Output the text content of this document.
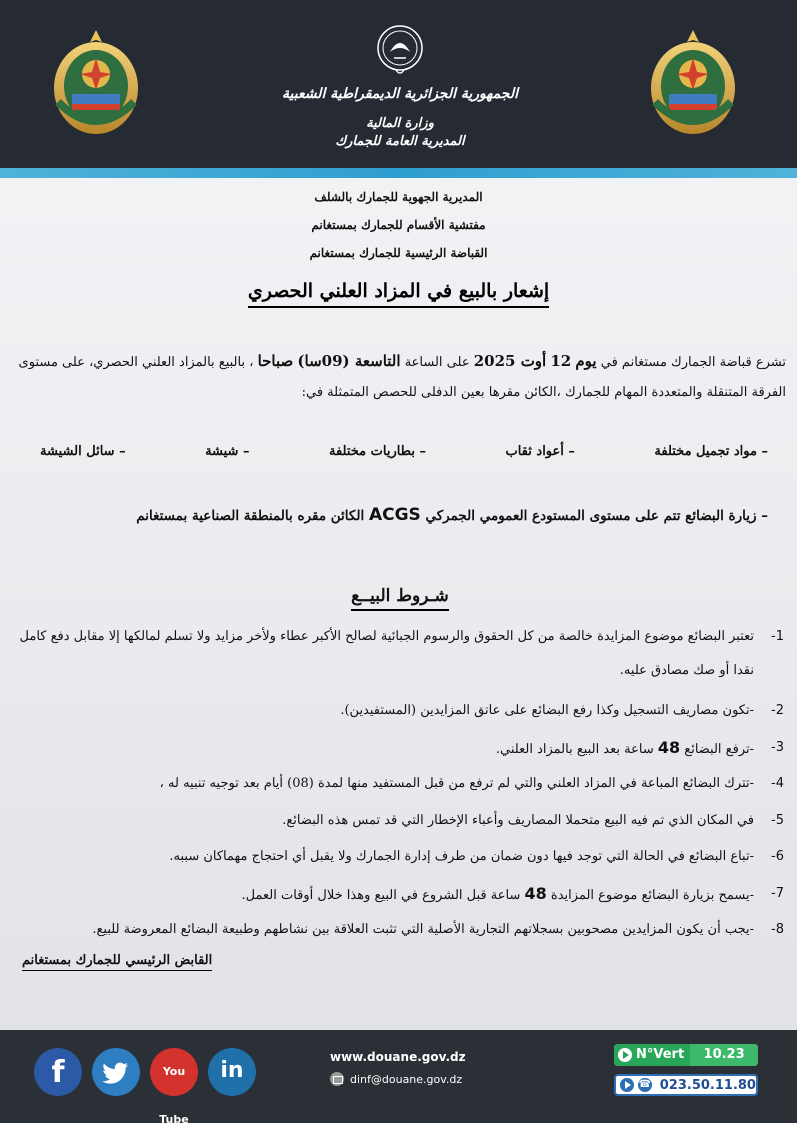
الجمهورية الجزائرية الديمقراطية الشعبية
وزارة المالية
المديرية العامة للجمارك
المديرية الجهوية للجمارك بالشلف
مفتشية الأقسام للجمارك بمستغانم
القباضة الرئيسية للجمارك بمستغانم
إشعار بالبيع في المزاد العلني الحصري
تشرع قباضة الجمارك مستغانم في يوم 12 أوت 2025 على الساعة التاسعة (09سا) صباحا ، بالبيع بالمزاد العلني الحصري، على مستوى الفرقة المتنقلة والمتعددة المهام للجمارك ،الكائن مقرها بعين الدفلى للحصص المتمثلة في:
– مواد تجميل مختلفة
– أعواد ثقاب
– بطاريات مختلفة
– شيشة
– سائل الشيشة
– زيارة البضائع تتم على مستوى المستودع العمومي الجمركي ACGS الكائن مقره بالمنطقة الصناعية بمستغانم
شـروط البيــع
1-
تعتبر البضائع موضوع المزايدة خالصة من كل الحقوق والرسوم الجبائية لصالح الأكبر عطاء ولأخر مزايد ولا تسلم لمالكها إلا مقابل دفع كامل نقدا أو صك مصادق عليه.
2-
-تكون مصاريف التسجيل وكذا رفع البضائع على عاتق المزايدين (المستفيدين).
3-
-ترفع البضائع 48 ساعة بعد البيع بالمزاد العلني.
4-
-تترك البضائع المباعة في المزاد العلني والتي لم ترفع من قبل المستفيد منها لمدة (08) أيام بعد توجيه تنبيه له ،
5-
في المكان الذي تم فيه البيع متحملا المصاريف وأعباء الإخطار التي قد تمس هذه البضائع.
6-
-تباع البضائع في الحالة التي توجد فيها دون ضمان من طرف إدارة الجمارك ولا يقبل أي احتجاج مهماكان سببه.
7-
-يسمح بزيارة البضائع موضوع المزايدة 48 ساعة قبل الشروع في البيع وهذا خلال أوقات العمل.
8-
-يجب أن يكون المزايدين مصحوبين بسجلاتهم التجارية الأصلية التي تثبت العلاقة بين نشاطهم وطبيعة البضائع المعروضة للبيع.
القابض الرئيسي للجمارك بمستغانم
f	You Tube
in
www.douane.gov.dz
dinf@douane.gov.dz
N°Vert	10.23
☎ 023.50.11.80
